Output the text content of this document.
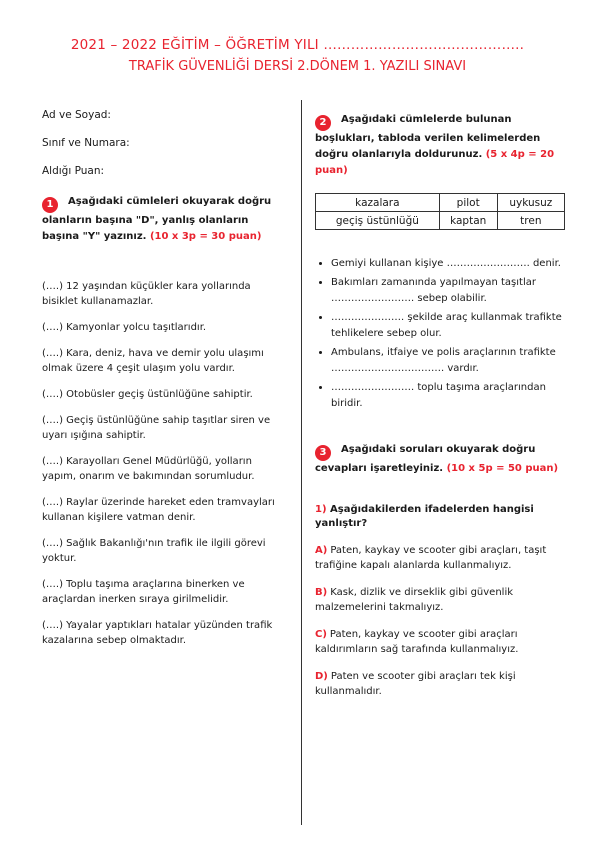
2021 – 2022 EĞİTİM – ÖĞRETİM YILI ……………………………………..
TRAFİK GÜVENLİĞİ DERSİ 2.DÖNEM 1. YAZILI SINAVI
Ad ve Soyad:
Sınıf ve Numara:
Aldığı Puan:
1 Aşağıdaki cümleleri okuyarak doğru olanların başına "D", yanlış olanların başına "Y" yazınız. (10 x 3p = 30 puan)
(….) 12 yaşından küçükler kara yollarında bisiklet kullanamazlar.
(….) Kamyonlar yolcu taşıtlarıdır.
(….) Kara, deniz, hava ve demir yolu ulaşımı olmak üzere 4 çeşit ulaşım yolu vardır.
(….) Otobüsler geçiş üstünlüğüne sahiptir.
(….) Geçiş üstünlüğüne sahip taşıtlar siren ve uyarı ışığına sahiptir.
(….) Karayolları Genel Müdürlüğü, yolların yapım, onarım ve bakımından sorumludur.
(….) Raylar üzerinde hareket eden tramvayları kullanan kişilere vatman denir.
(….) Sağlık Bakanlığı'nın trafik ile ilgili görevi yoktur.
(….) Toplu taşıma araçlarına binerken ve araçlardan inerken sıraya girilmelidir.
(….) Yayalar yaptıkları hatalar yüzünden trafik kazalarına sebep olmaktadır.
2 Aşağıdaki cümlelerde bulunan boşlukları, tabloda verilen kelimelerden doğru olanlarıyla doldurunuz. (5 x 4p = 20 puan)
kazalara	pilot	uykusuz
geçiş üstünlüğü	kaptan	tren
• Gemiyi kullanan kişiye ……………………. denir.
• Bakımları zamanında yapılmayan taşıtlar ……………………. sebep olabilir.
• …………………. şekilde araç kullanmak trafikte tehlikelere sebep olur.
• Ambulans, itfaiye ve polis araçlarının trafikte ……………………………. vardır.
• ……………………. toplu taşıma araçlarından biridir.
3 Aşağıdaki soruları okuyarak doğru cevapları işaretleyiniz. (10 x 5p = 50 puan)
1) Aşağıdakilerden ifadelerden hangisi yanlıştır?
A) Paten, kaykay ve scooter gibi araçları, taşıt trafiğine kapalı alanlarda kullanmalıyız.
B) Kask, dizlik ve dirseklik gibi güvenlik malzemelerini takmalıyız.
C) Paten, kaykay ve scooter gibi araçları kaldırımların sağ tarafında kullanmalıyız.
D) Paten ve scooter gibi araçları tek kişi kullanmalıdır.
